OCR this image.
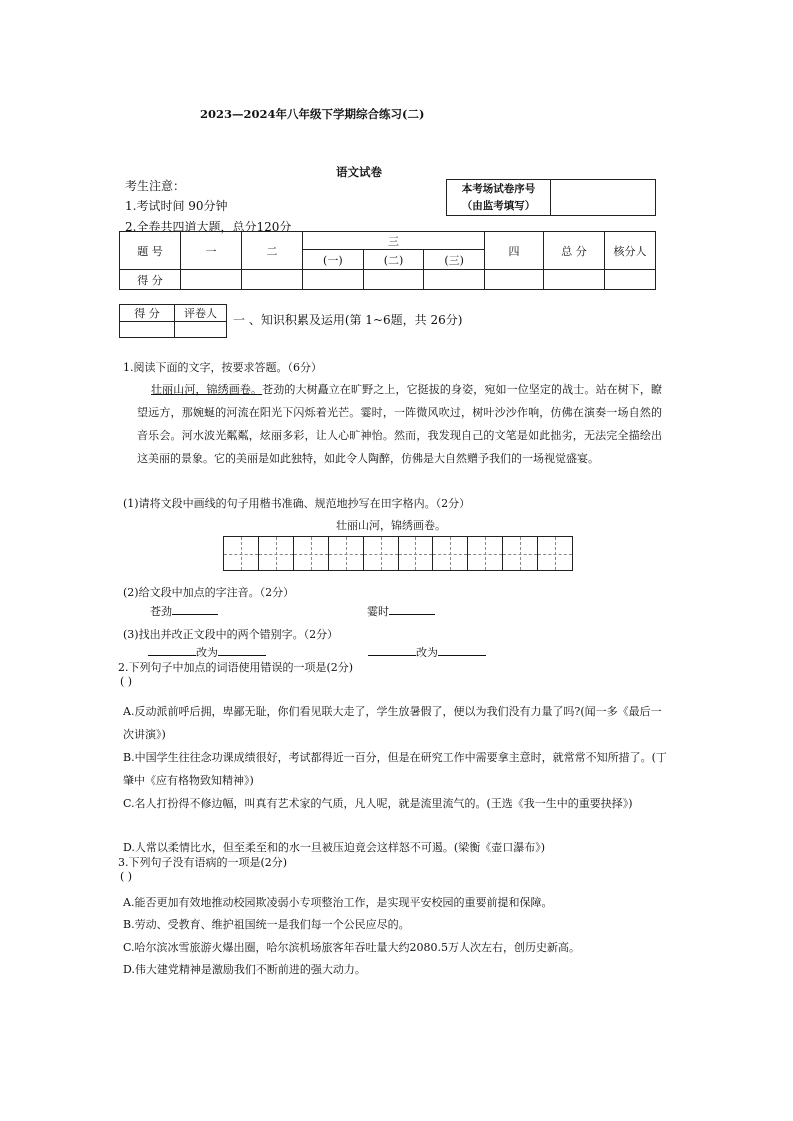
2023—2024年八年级下学期综合练习(二)
语文试卷
考生注意：
1.考试时间 90分钟
2.全卷共四道大题，总分120分
本考场试卷序号
（由监考填写）

题 号	一	二	三			四	总 分	核分人
			(一)	(二)	(三)			
得 分								
得 分	评卷人
	一 、知识积累及运用(第 1~6题，共 26分)
1.阅读下面的文字，按要求答题。（6分）
壮丽山河，锦绣画卷。苍劲的大树矗立在旷野之上，它挺拔的身姿，宛如一位坚定的战士。站在树下，瞭望远方，那婉蜒的河流在阳光下闪烁着光芒。霎时，一阵微风吹过，树叶沙沙作响，仿佛在演奏一场自然的音乐会。河水波光粼粼，炫丽多彩，让人心旷神怡。然而，我发现自己的文笔是如此拙劣，无法完全描绘出这美丽的景象。它的美丽是如此独特，如此令人陶醉，仿佛是大自然赠予我们的一场视觉盛宴。
(1)请将文段中画线的句子用楷书准确、规范地抄写在田字格内。（2分）
壮丽山河，锦绣画卷。
(2)给文段中加点的字注音。（2分）
苍劲	霎时
(3)找出并改正文段中的两个错别字。（2分）
改为	改为
2.下列句子中加点的词语使用错误的一项是(2分)
( )
A.反动派前呼后拥，卑鄙无耻，你们看见联大走了，学生放暑假了，便以为我们没有力量了吗?(闻一多《最后一次讲演》)
B.中国学生往往念功课成绩很好，考试都得近一百分，但是在研究工作中需要拿主意时，就常常不知所措了。(丁肇中《应有格物致知精神》)
C.名人打扮得不修边幅，叫真有艺术家的气质，凡人呢，就是流里流气的。(王选《我一生中的重要抉择》)
D.人常以柔情比水，但至柔至和的水一旦被压迫竟会这样怒不可遏。(梁衡《壶口瀑布》)
3.下列句子没有语病的一项是(2分)
( )
A.能否更加有效地推动校园欺凌弱小专项整治工作，是实现平安校园的重要前提和保障。
B.劳动、受教育、维护祖国统一是我们每一个公民应尽的。
C.哈尔滨冰雪旅游火爆出圈，哈尔滨机场旅客年吞吐量大约2080.5万人次左右，创历史新高。
D.伟大建党精神是激励我们不断前进的强大动力。
